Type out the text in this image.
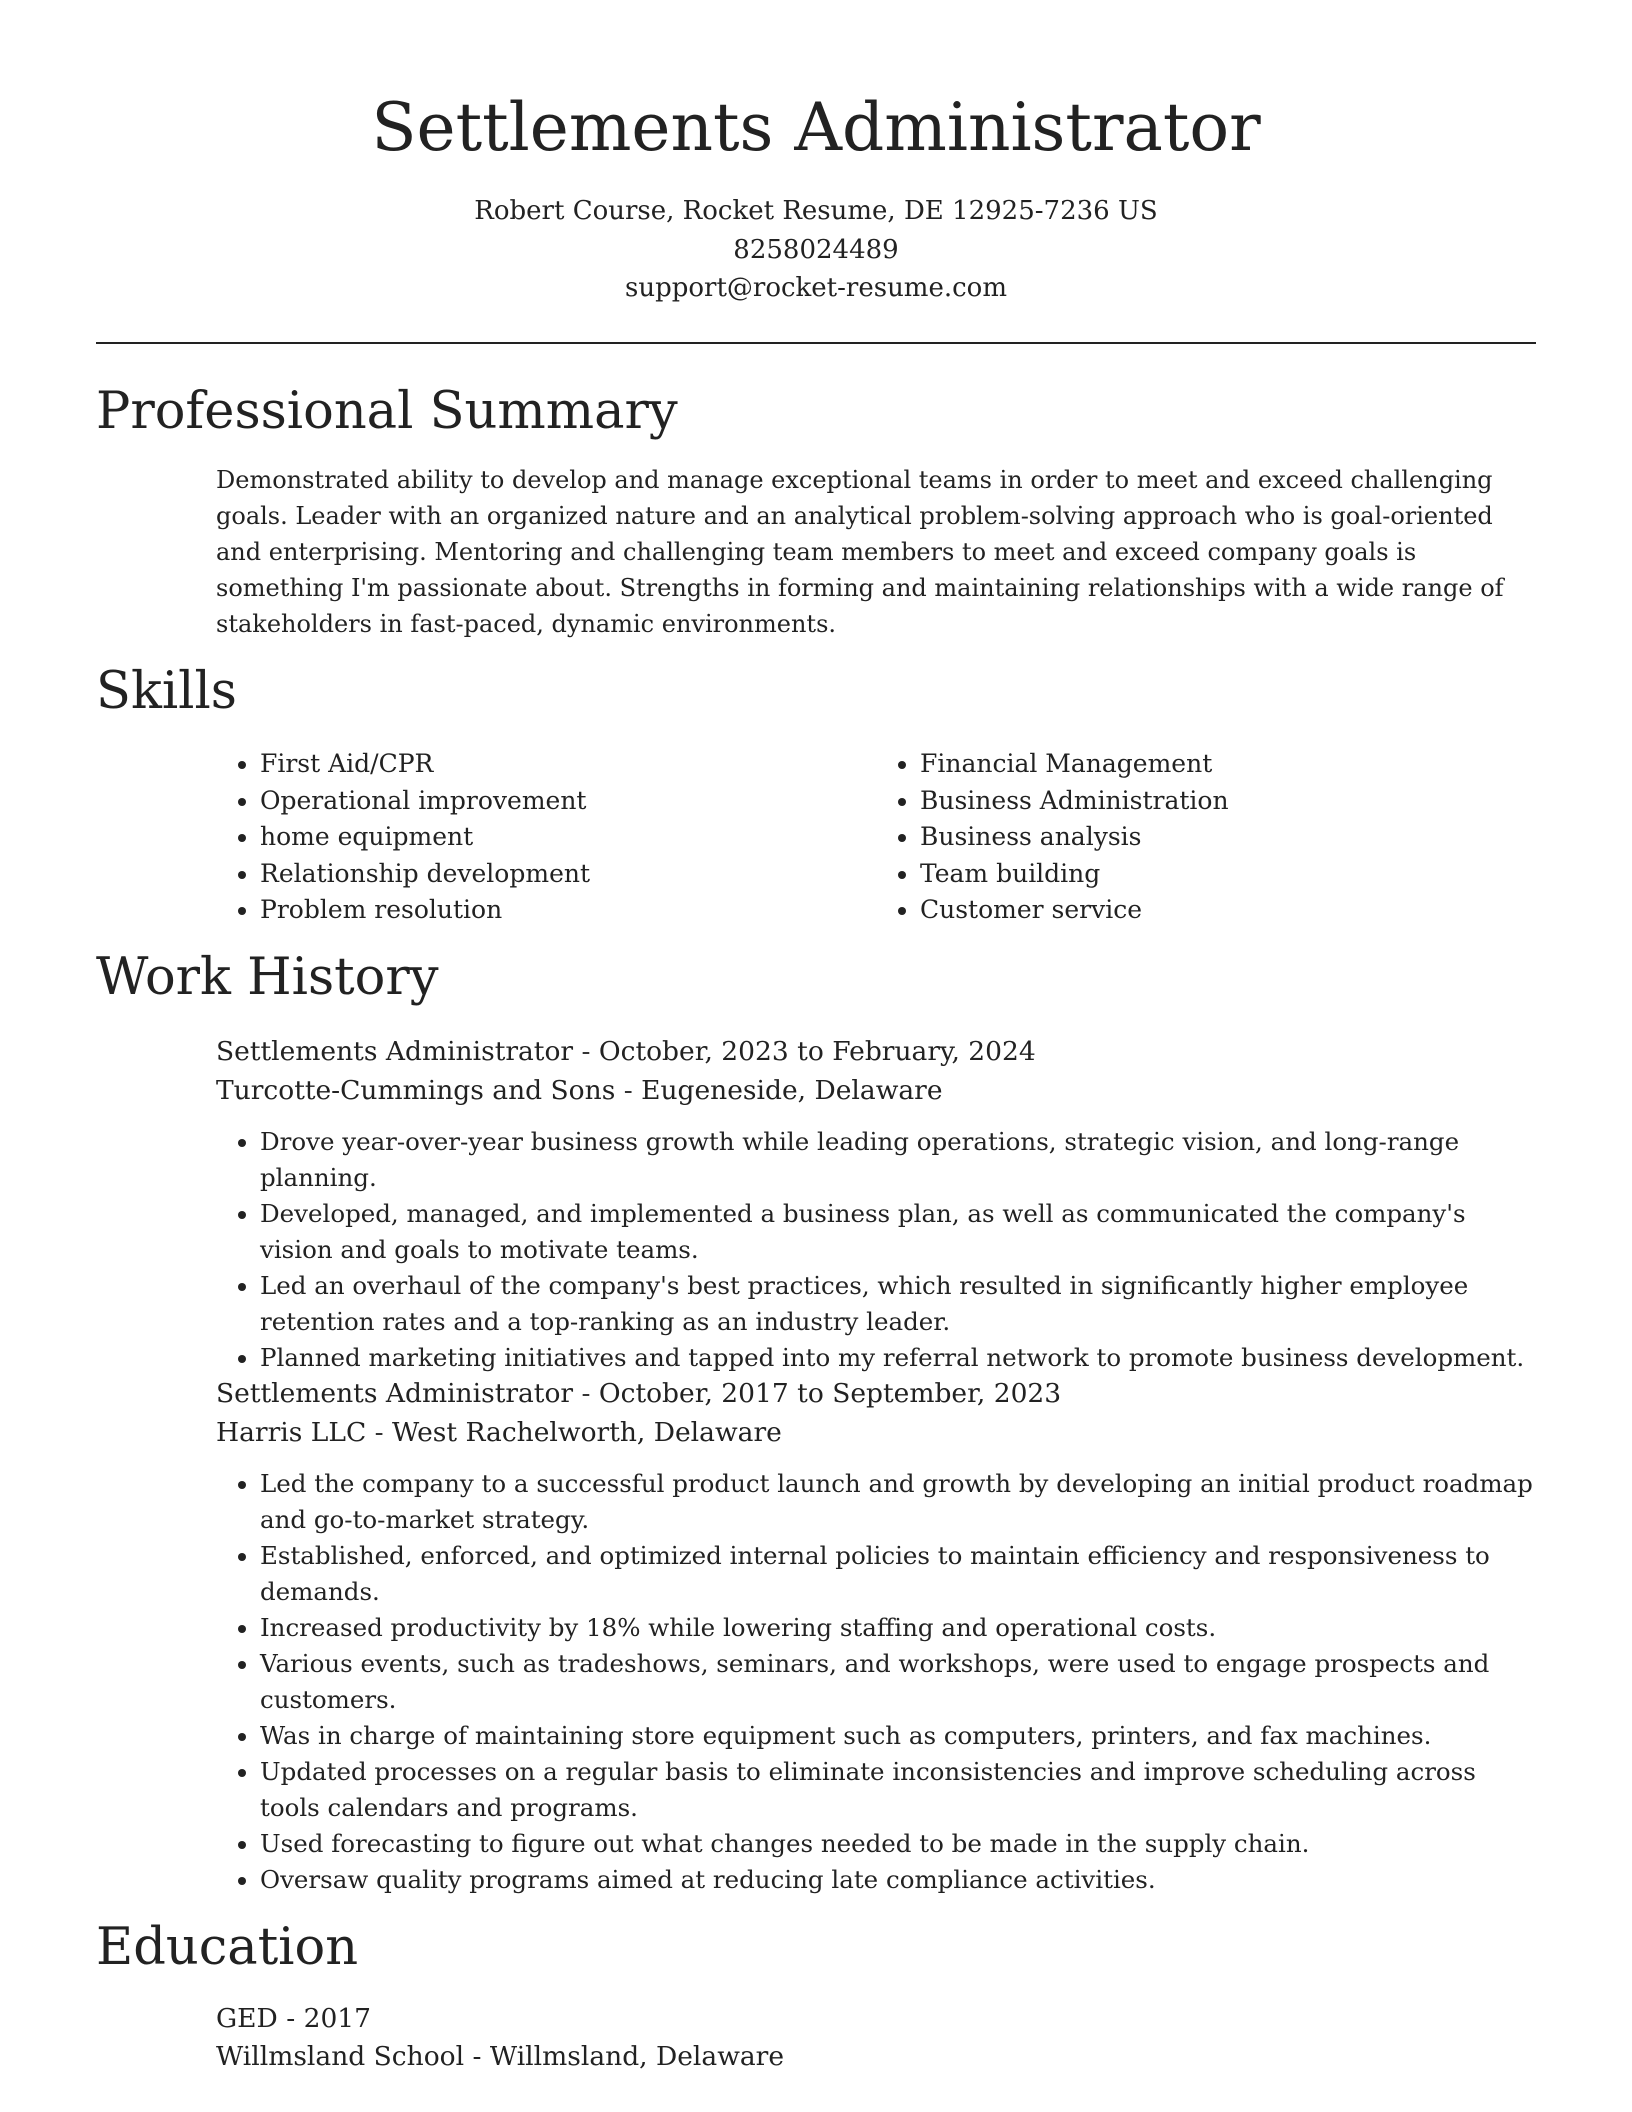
Settlements Administrator
Robert Course, Rocket Resume, DE 12925-7236 US
8258024489
support@rocket-resume.com
Professional Summary
Demonstrated ability to develop and manage exceptional teams in order to meet and exceed challenging goals. Leader with an organized nature and an analytical problem-solving approach who is goal-oriented and enterprising. Mentoring and challenging team members to meet and exceed company goals is something I'm passionate about. Strengths in forming and maintaining relationships with a wide range of stakeholders in fast-paced, dynamic environments.
Skills
• First Aid/CPR
• Operational improvement
• home equipment
• Relationship development
• Problem resolution
• Financial Management
• Business Administration
• Business analysis
• Team building
• Customer service
Work History
Settlements Administrator - October, 2023 to February, 2024
Turcotte-Cummings and Sons - Eugeneside, Delaware
• Drove year-over-year business growth while leading operations, strategic vision, and long-range planning.
• Developed, managed, and implemented a business plan, as well as communicated the company's vision and goals to motivate teams.
• Led an overhaul of the company's best practices, which resulted in significantly higher employee retention rates and a top-ranking as an industry leader.
• Planned marketing initiatives and tapped into my referral network to promote business development.
Settlements Administrator - October, 2017 to September, 2023
Harris LLC - West Rachelworth, Delaware
• Led the company to a successful product launch and growth by developing an initial product roadmap and go-to-market strategy.
• Established, enforced, and optimized internal policies to maintain efficiency and responsiveness to demands.
• Increased productivity by 18% while lowering staffing and operational costs.
• Various events, such as tradeshows, seminars, and workshops, were used to engage prospects and customers.
• Was in charge of maintaining store equipment such as computers, printers, and fax machines.
• Updated processes on a regular basis to eliminate inconsistencies and improve scheduling across tools calendars and programs.
• Used forecasting to figure out what changes needed to be made in the supply chain.
• Oversaw quality programs aimed at reducing late compliance activities.
Education
GED - 2017
Willmsland School - Willmsland, Delaware
